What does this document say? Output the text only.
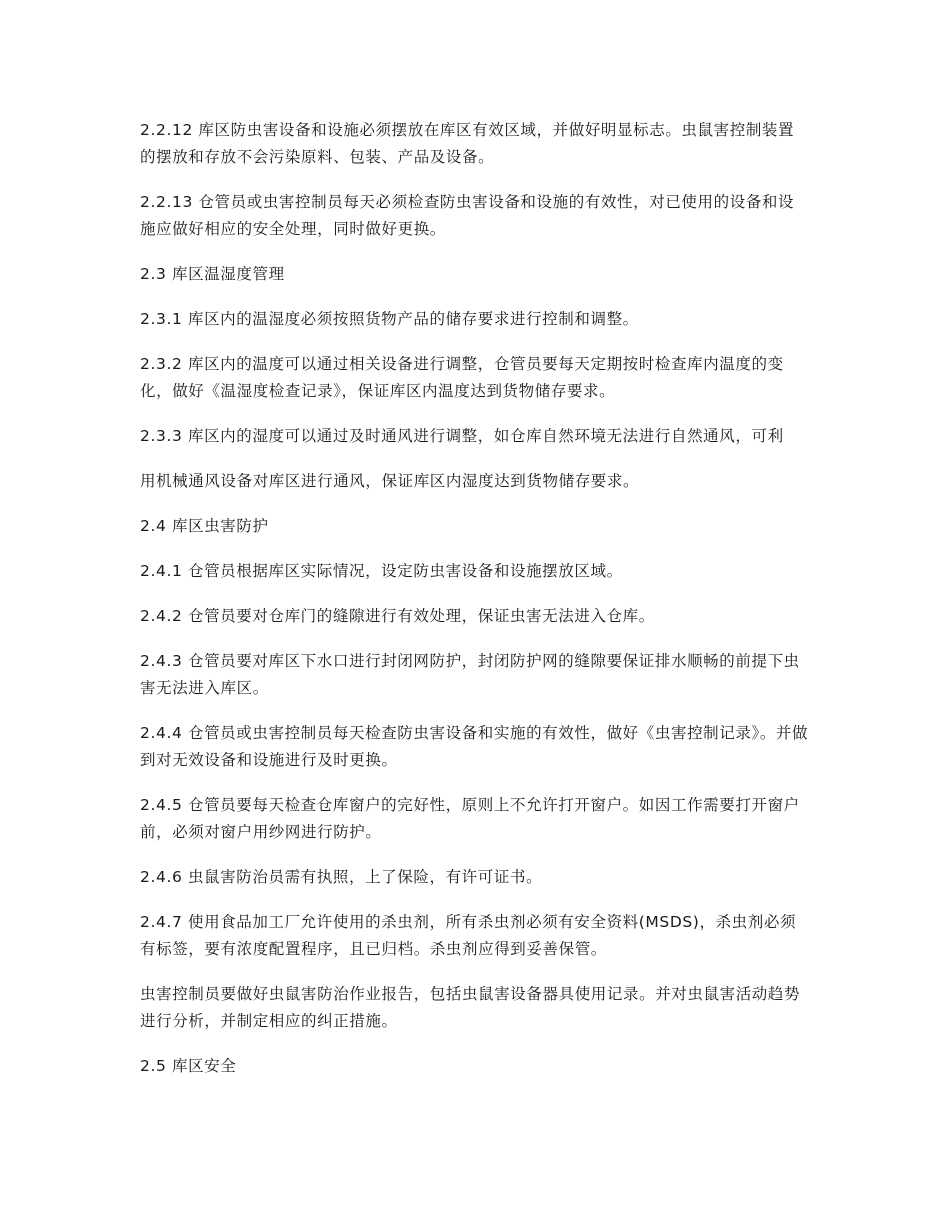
2.2.12 库区防虫害设备和设施必须摆放在库区有效区域，并做好明显标志。虫鼠害控制装置的摆放和存放不会污染原料、包装、产品及设备。

2.2.13 仓管员或虫害控制员每天必须检查防虫害设备和设施的有效性，对已使用的设备和设施应做好相应的安全处理，同时做好更换。

2.3 库区温湿度管理

2.3.1 库区内的温湿度必须按照货物产品的储存要求进行控制和调整。

2.3.2 库区内的温度可以通过相关设备进行调整，仓管员要每天定期按时检查库内温度的变化，做好《温湿度检查记录》，保证库区内温度达到货物储存要求。

2.3.3 库区内的湿度可以通过及时通风进行调整，如仓库自然环境无法进行自然通风，可利

用机械通风设备对库区进行通风，保证库区内湿度达到货物储存要求。

2.4 库区虫害防护

2.4.1 仓管员根据库区实际情况，设定防虫害设备和设施摆放区域。

2.4.2 仓管员要对仓库门的缝隙进行有效处理，保证虫害无法进入仓库。

2.4.3 仓管员要对库区下水口进行封闭网防护，封闭防护网的缝隙要保证排水顺畅的前提下虫害无法进入库区。

2.4.4 仓管员或虫害控制员每天检查防虫害设备和实施的有效性，做好《虫害控制记录》。并做到对无效设备和设施进行及时更换。

2.4.5 仓管员要每天检查仓库窗户的完好性，原则上不允许打开窗户。如因工作需要打开窗户前，必须对窗户用纱网进行防护。

2.4.6 虫鼠害防治员需有执照，上了保险，有许可证书。

2.4.7 使用食品加工厂允许使用的杀虫剂，所有杀虫剂必须有安全资料(MSDS)，杀虫剂必须有标签，要有浓度配置程序，且已归档。杀虫剂应得到妥善保管。

虫害控制员要做好虫鼠害防治作业报告，包括虫鼠害设备器具使用记录。并对虫鼠害活动趋势进行分析，并制定相应的纠正措施。

2.5 库区安全
